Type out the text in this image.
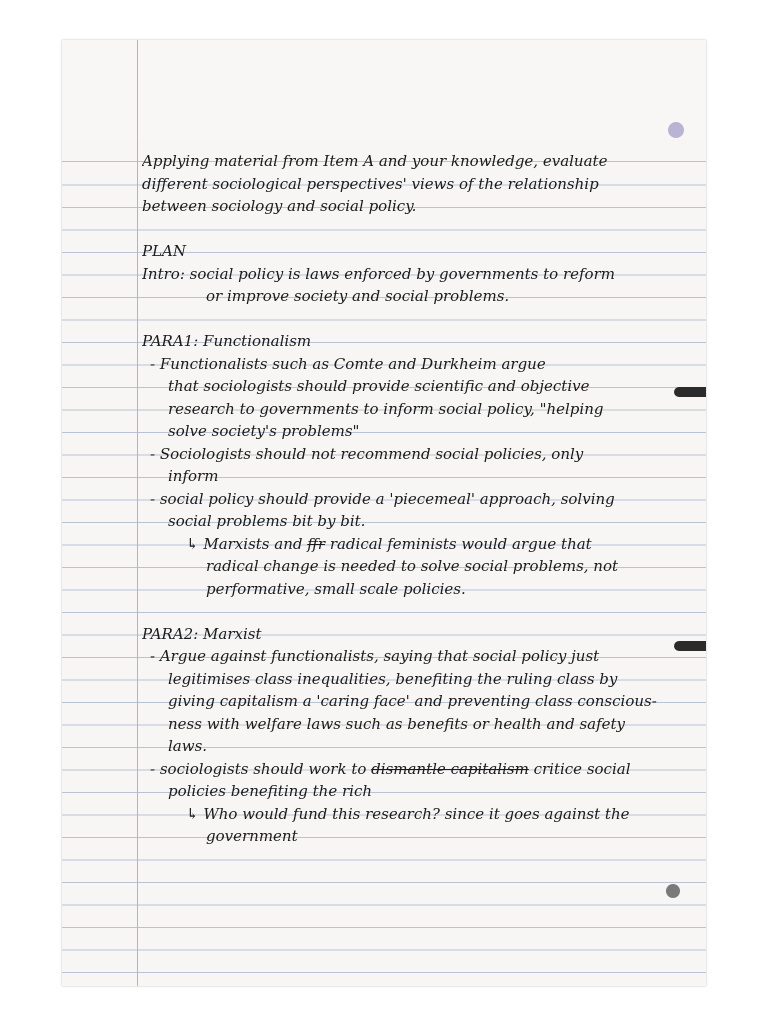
Applying material from Item A and your knowledge, evaluate
different sociological perspectives' views of the relationship
between sociology and social policy.
PLAN
Intro: social policy is laws enforced by governments to reform
or improve society and social problems.
PARA1: Functionalism
- Functionalists such as Comte and Durkheim argue
that sociologists should provide scientific and objective
research to governments to inform social policy, "helping
solve society's problems"
- Sociologists should not recommend social policies, only
inform
- social policy should provide a 'piecemeal' approach, solving
social problems bit by bit.
↳ Marxists and ffr radical feminists would argue that
radical change is needed to solve social problems, not
performative, small scale policies.
PARA2: Marxist
- Argue against functionalists, saying that social policy just
legitimises class inequalities, benefiting the ruling class by
giving capitalism a 'caring face' and preventing class conscious-
ness with welfare laws such as benefits or health and safety
laws.
- sociologists should work to dismantle capitalism critice social
policies benefiting the rich
↳ Who would fund this research? since it goes against the
government
